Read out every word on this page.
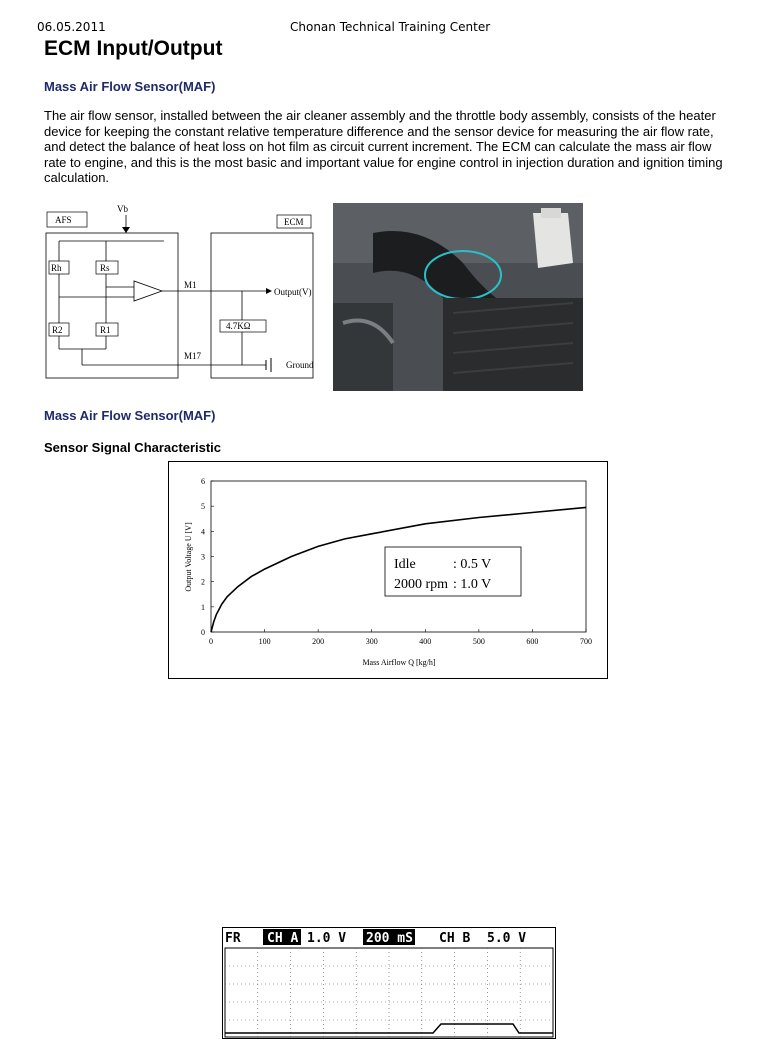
06.05.2011	Chonan Technical Training Center
ECM Input/Output
Mass Air Flow Sensor(MAF)
The air flow sensor, installed between the air cleaner assembly and the throttle body assembly, consists of the heater device for keeping the constant relative temperature difference and the sensor device for measuring the air flow rate, and detect the balance of heat loss on hot film as circuit current increment. The ECM can calculate the mass air flow rate to engine, and this is the most basic and important value for engine control in injection duration and ignition timing calculation.
AFS
Vb
ECM
Rh	Rs
Output(V)
M1
R2	R1
M17
4.7KΩ
Ground
Mass Air Flow Sensor(MAF)
Sensor Signal Characteristic
0	100	200	300	400	500	600	700
0
1
2
3
4
5
6
Mass Airflow Q [kg/h]
Output Voltage U [V]	Idle	: 0.5 V
2000 rpm : 1.0 V
FR CH A 1.0 V 200 mS CH B 5.0 V
